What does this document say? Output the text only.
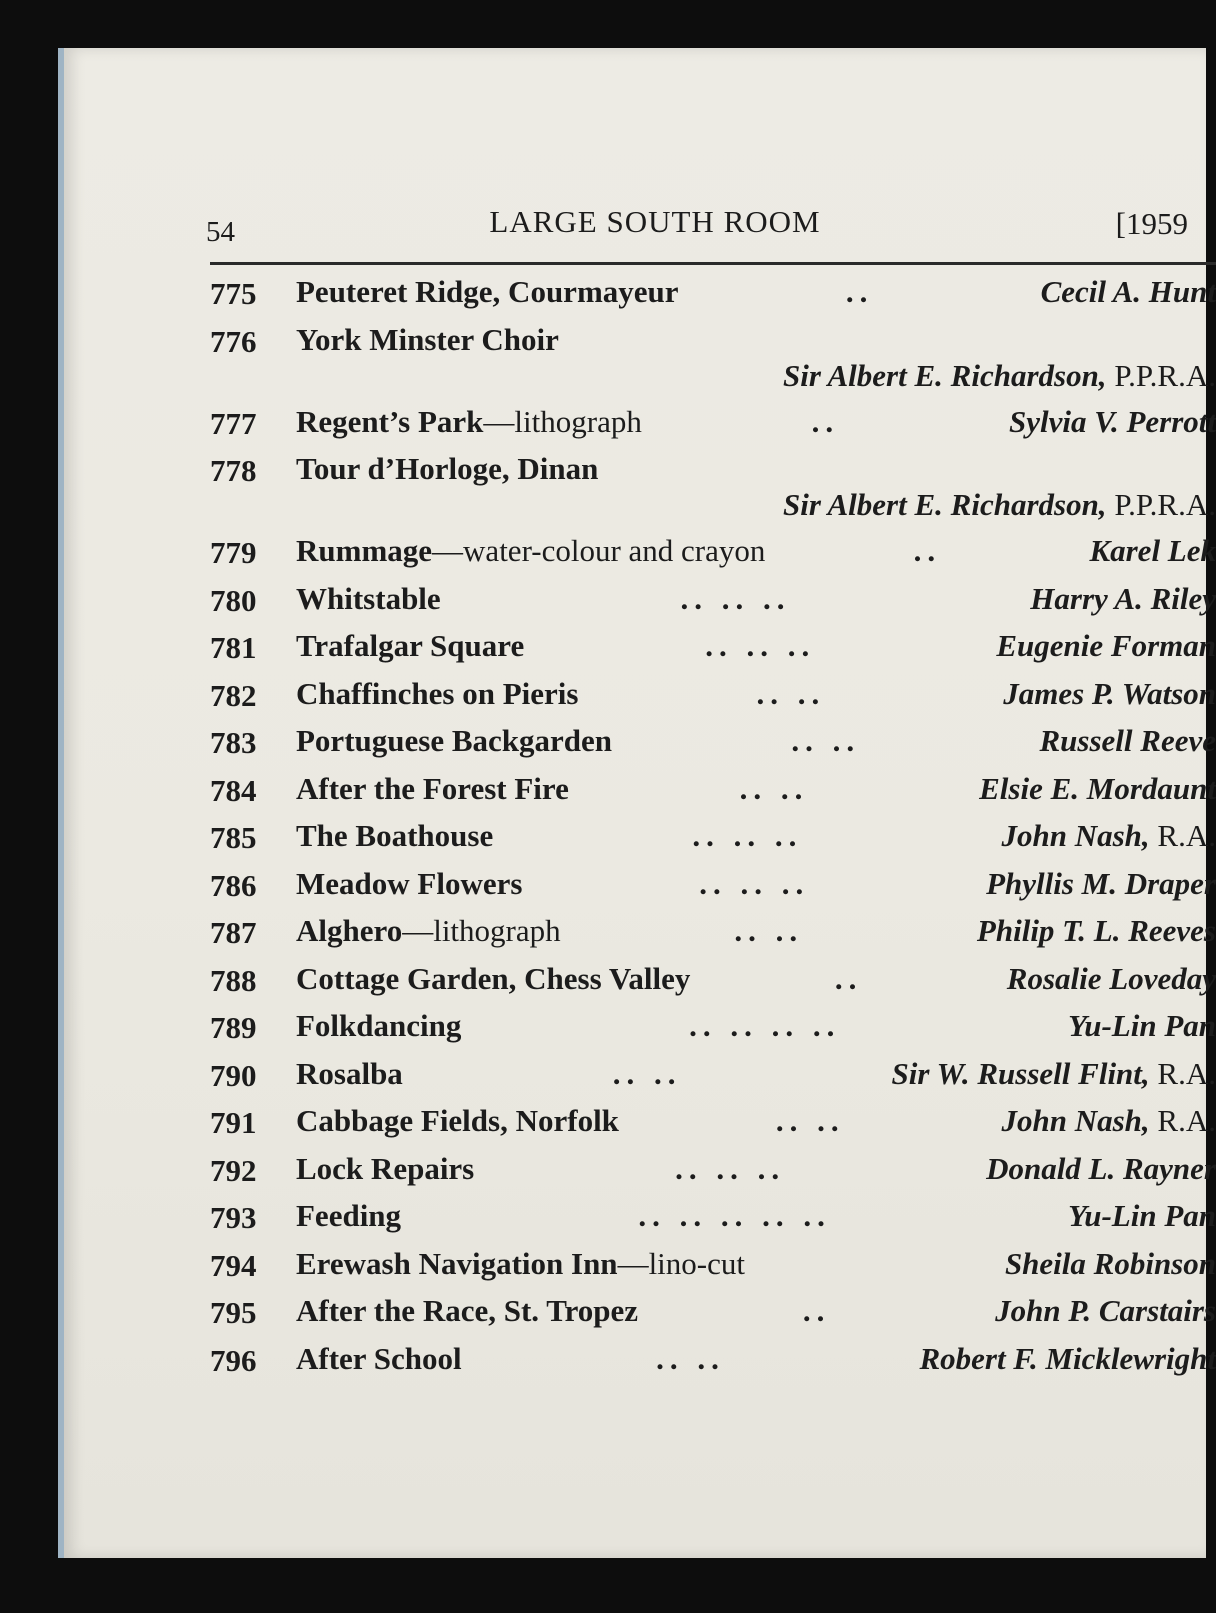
54	LARGE SOUTH ROOM	[1959
775	Peuteret Ridge, Courmayeur	..	Cecil A. Hunt
776	York Minster Choir
Sir Albert E. Richardson, P.P.R.A.
777	Regent’s Park —lithograph	..	Sylvia V. Perrott
778	Tour d’Horloge, Dinan
Sir Albert E. Richardson, P.P.R.A.
779	Rummage —water-colour and crayon	..	Karel Lek
780	Whitstable	.. .. ..	Harry A. Riley
781	Trafalgar Square	.. .. ..	Eugenie Forman
782	Chaffinches on Pieris	.. ..	James P. Watson
783	Portuguese Backgarden	.. ..	Russell Reeve
784	After the Forest Fire	.. ..	Elsie E. Mordaunt
785	The Boathouse	.. .. ..	John Nash, R.A.
786	Meadow Flowers	.. .. ..	Phyllis M. Draper
787	Alghero —lithograph	.. ..	Philip T. L. Reeves
788	Cottage Garden, Chess Valley	..	Rosalie Loveday
789	Folkdancing	.. .. .. ..	Yu-Lin Pan
790	Rosalba	.. ..	Sir W. Russell Flint, R.A.
791	Cabbage Fields, Norfolk	.. ..	John Nash, R.A.
792	Lock Repairs	.. .. ..	Donald L. Rayner
793	Feeding	.. .. .. .. ..	Yu-Lin Pan
794	Erewash Navigation Inn —lino-cut	Sheila Robinson
795	After the Race, St. Tropez	..	John P. Carstairs
796	After School	.. ..	Robert F. Micklewright
